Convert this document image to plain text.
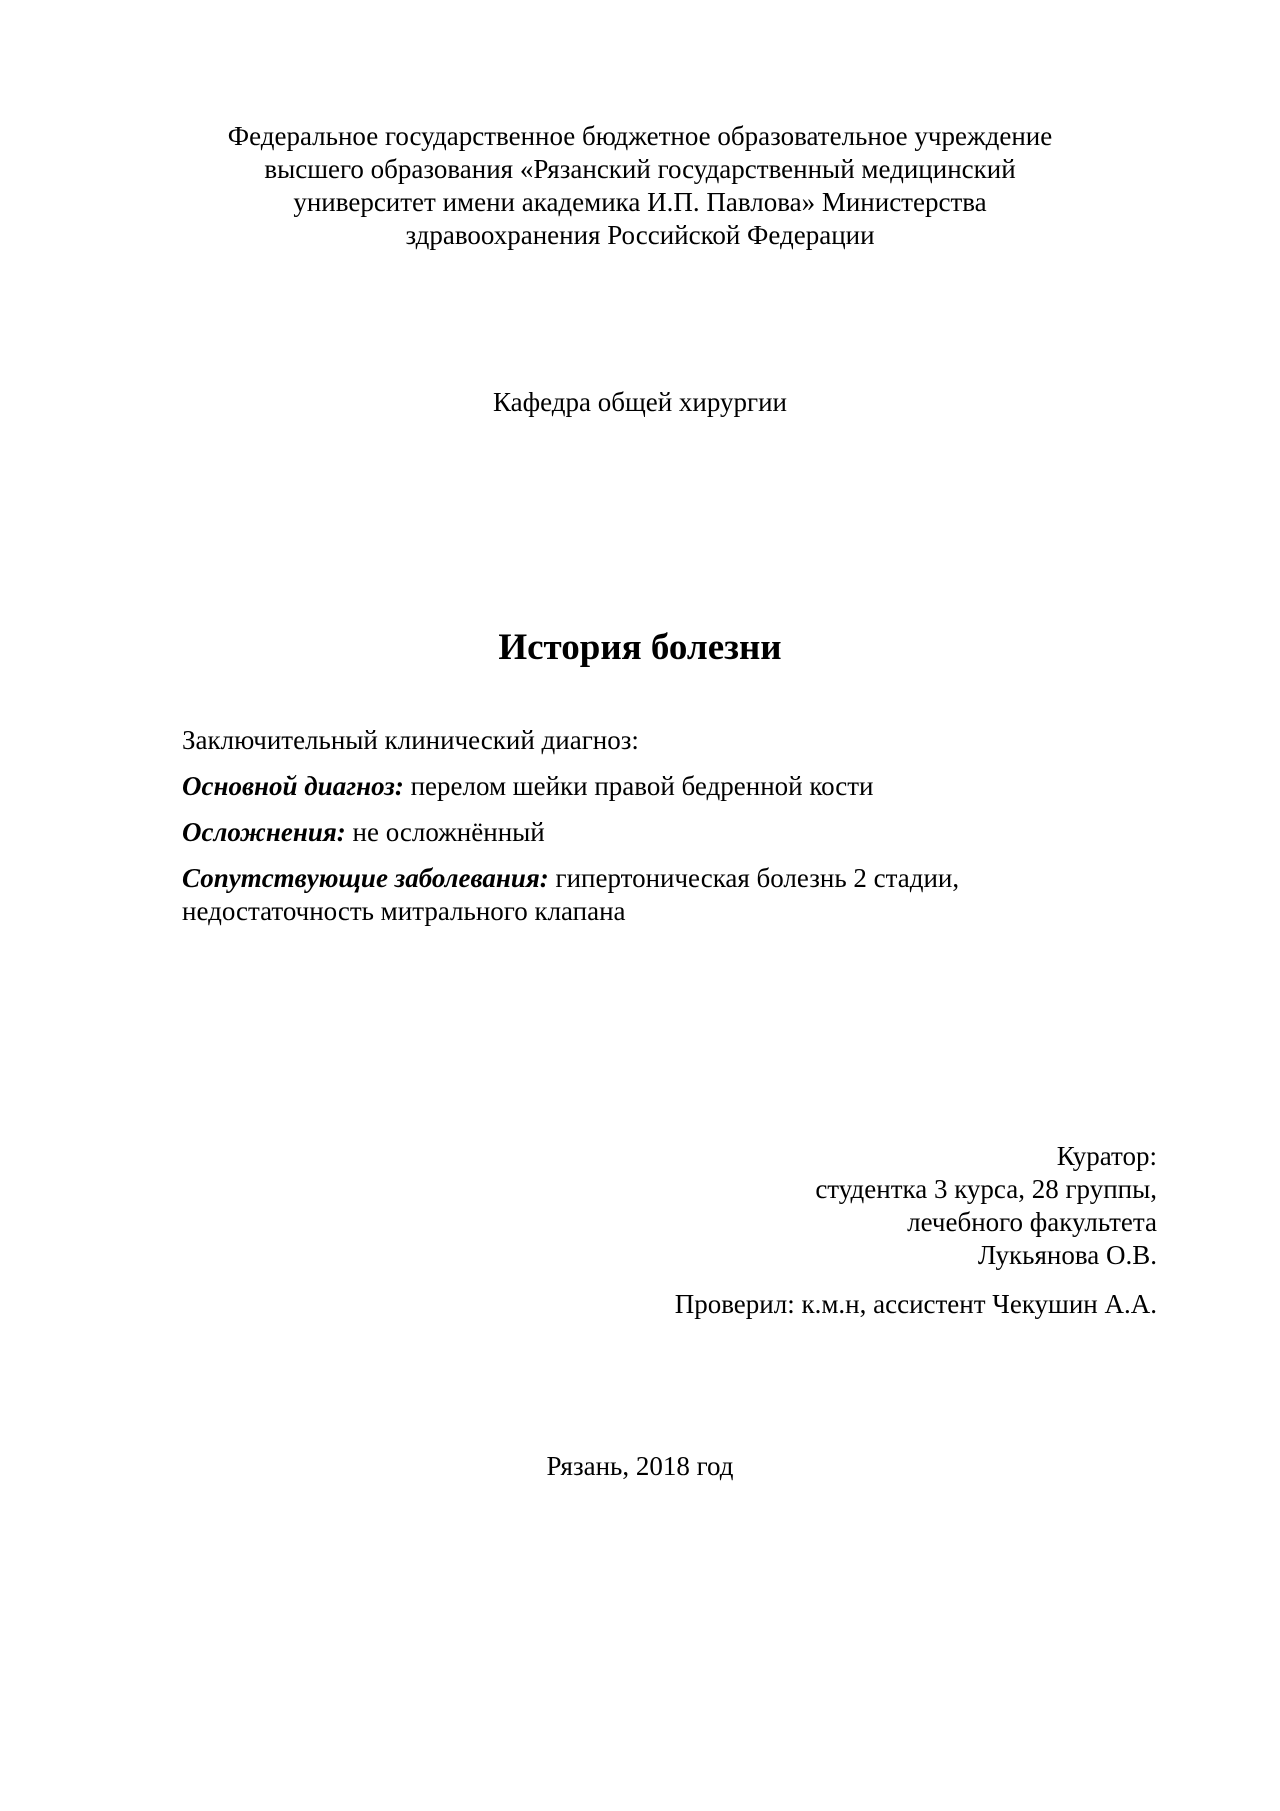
Федеральное государственное бюджетное образовательное учреждение
высшего образования «Рязанский государственный медицинский
университет имени академика И.П. Павлова» Министерства
здравоохранения Российской Федерации
Кафедра общей хирургии
История болезни
Заключительный клинический диагноз:
Основной диагноз: перелом шейки правой бедренной кости
Осложнения: не осложнённый
Сопутствующие заболевания: гипертоническая болезнь 2 стадии, недостаточность митрального клапана
Куратор:
студентка 3 курса, 28 группы,
лечебного факультета
Лукьянова О.В.
Проверил: к.м.н, ассистент Чекушин А.А.
Рязань, 2018 год
